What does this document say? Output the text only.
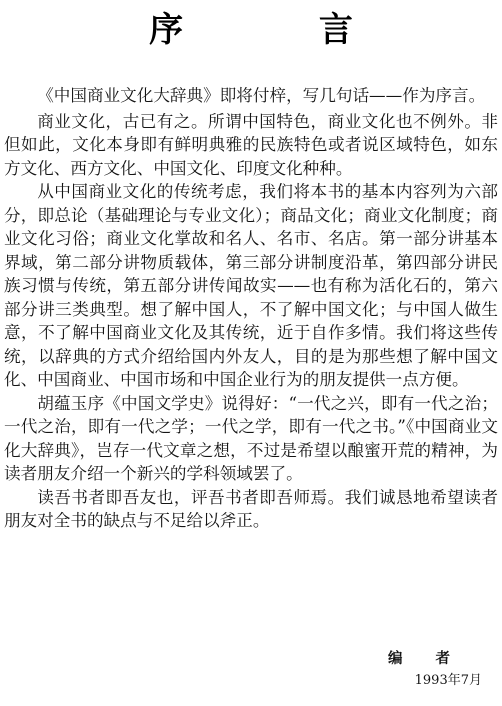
序 言

《中国商业文化大辞典》即将付梓，写几句话——作为序言。

商业文化，古已有之。所谓中国特色，商业文化也不例外。非但如此，文化本身即有鲜明典雅的民族特色或者说区域特色，如东方文化、西方文化、中国文化、印度文化种种。

从中国商业文化的传统考虑，我们将本书的基本内容列为六部分，即总论（基础理论与专业文化）；商品文化；商业文化制度；商业文化习俗；商业文化掌故和名人、名市、名店。第一部分讲基本界域，第二部分讲物质载体，第三部分讲制度沿革，第四部分讲民族习惯与传统，第五部分讲传闻故实——也有称为活化石的，第六部分讲三类典型。想了解中国人，不了解中国文化；与中国人做生意，不了解中国商业文化及其传统，近于自作多情。我们将这些传统，以辞典的方式介绍给国内外友人，目的是为那些想了解中国文化、中国商业、中国市场和中国企业行为的朋友提供一点方便。

胡蕴玉序《中国文学史》说得好：“一代之兴，即有一代之治；一代之治，即有一代之学；一代之学，即有一代之书。”《中国商业文化大辞典》，岂存一代文章之想，不过是希望以酿蜜开荒的精神，为读者朋友介绍一个新兴的学科领域罢了。

读吾书者即吾友也，评吾书者即吾师焉。我们诚恳地希望读者朋友对全书的缺点与不足给以斧正。

编 者
1993年7月
